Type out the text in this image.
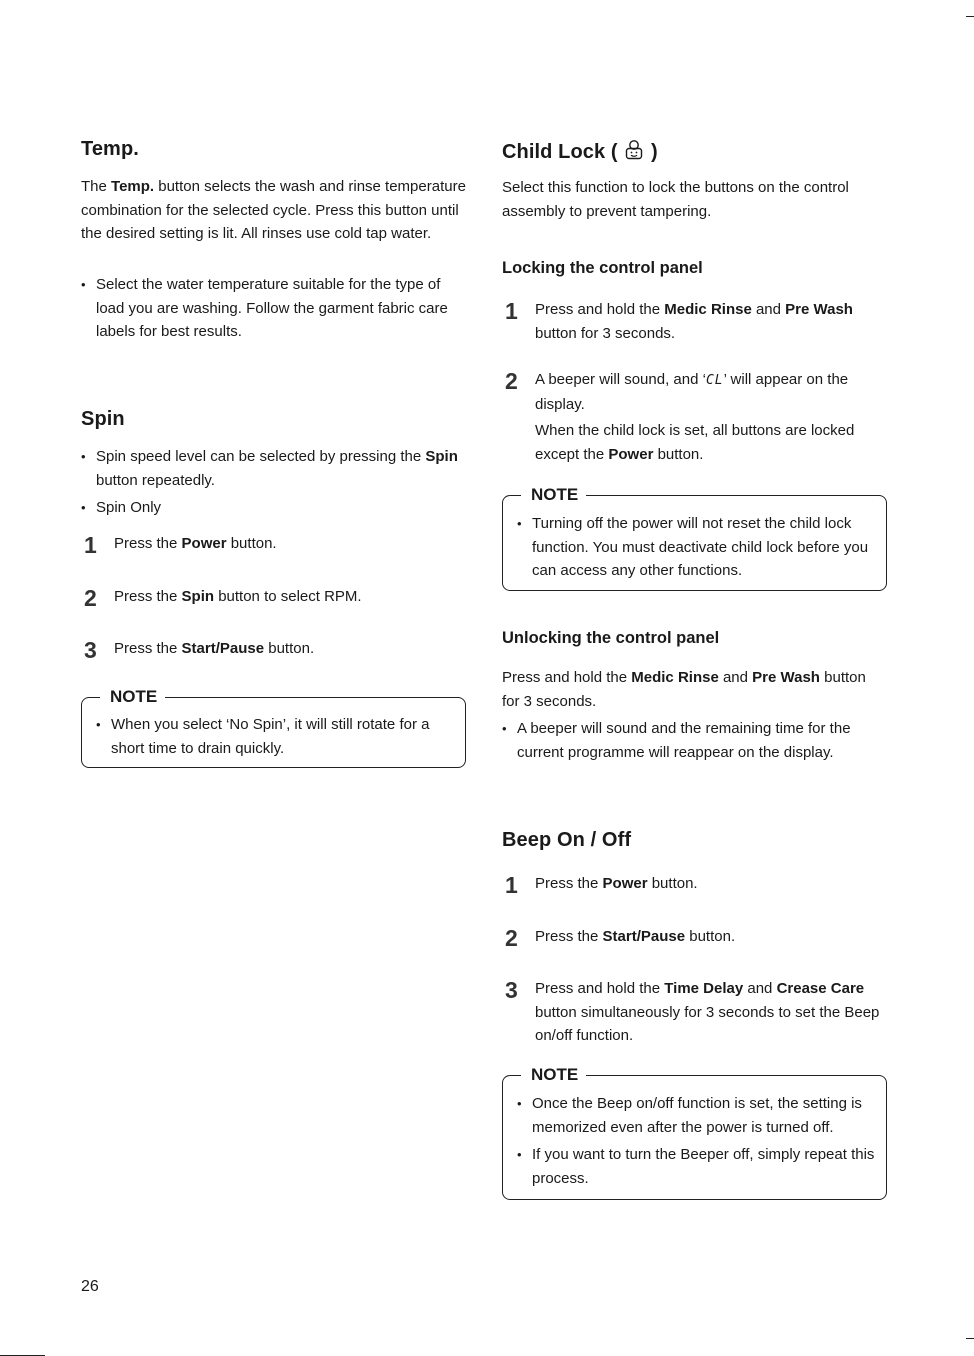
Temp.

The Temp. button selects the wash and rinse temperature combination for the selected cycle. Press this button until the desired setting is lit. All rinses use cold tap water.

• Select the water temperature suitable for the type of load you are washing. Follow the garment fabric care labels for best results.
Spin
• Spin speed level can be selected by pressing the Spin button repeatedly.
• Spin Only
1 Press the Power button.
2 Press the Spin button to select RPM.
3 Press the Start/Pause button.
NOTE
• When you select ‘No Spin’, it will still rotate for a short time to drain quickly.
Child Lock ( )

Select this function to lock the buttons on the control assembly to prevent tampering.

Locking the control panel
1 Press and hold the Medic Rinse and Pre Wash button for 3 seconds.
2 A beeper will sound, and ‘CL’ will appear on the display.

When the child lock is set, all buttons are locked except the Power button.

NOTE
• Turning off the power will not reset the child lock function. You must deactivate child lock before you can access any other functions.
Unlocking the control panel

Press and hold the Medic Rinse and Pre Wash button for 3 seconds.

• A beeper will sound and the remaining time for the current programme will reappear on the display.
Beep On / Off
1 Press the Power button.
2 Press the Start/Pause button.
3 Press and hold the Time Delay and Crease Care button simultaneously for 3 seconds to set the Beep on/off function.
NOTE
• Once the Beep on/off function is set, the setting is memorized even after the power is turned off.
• If you want to turn the Beeper off, simply repeat this process.
26
